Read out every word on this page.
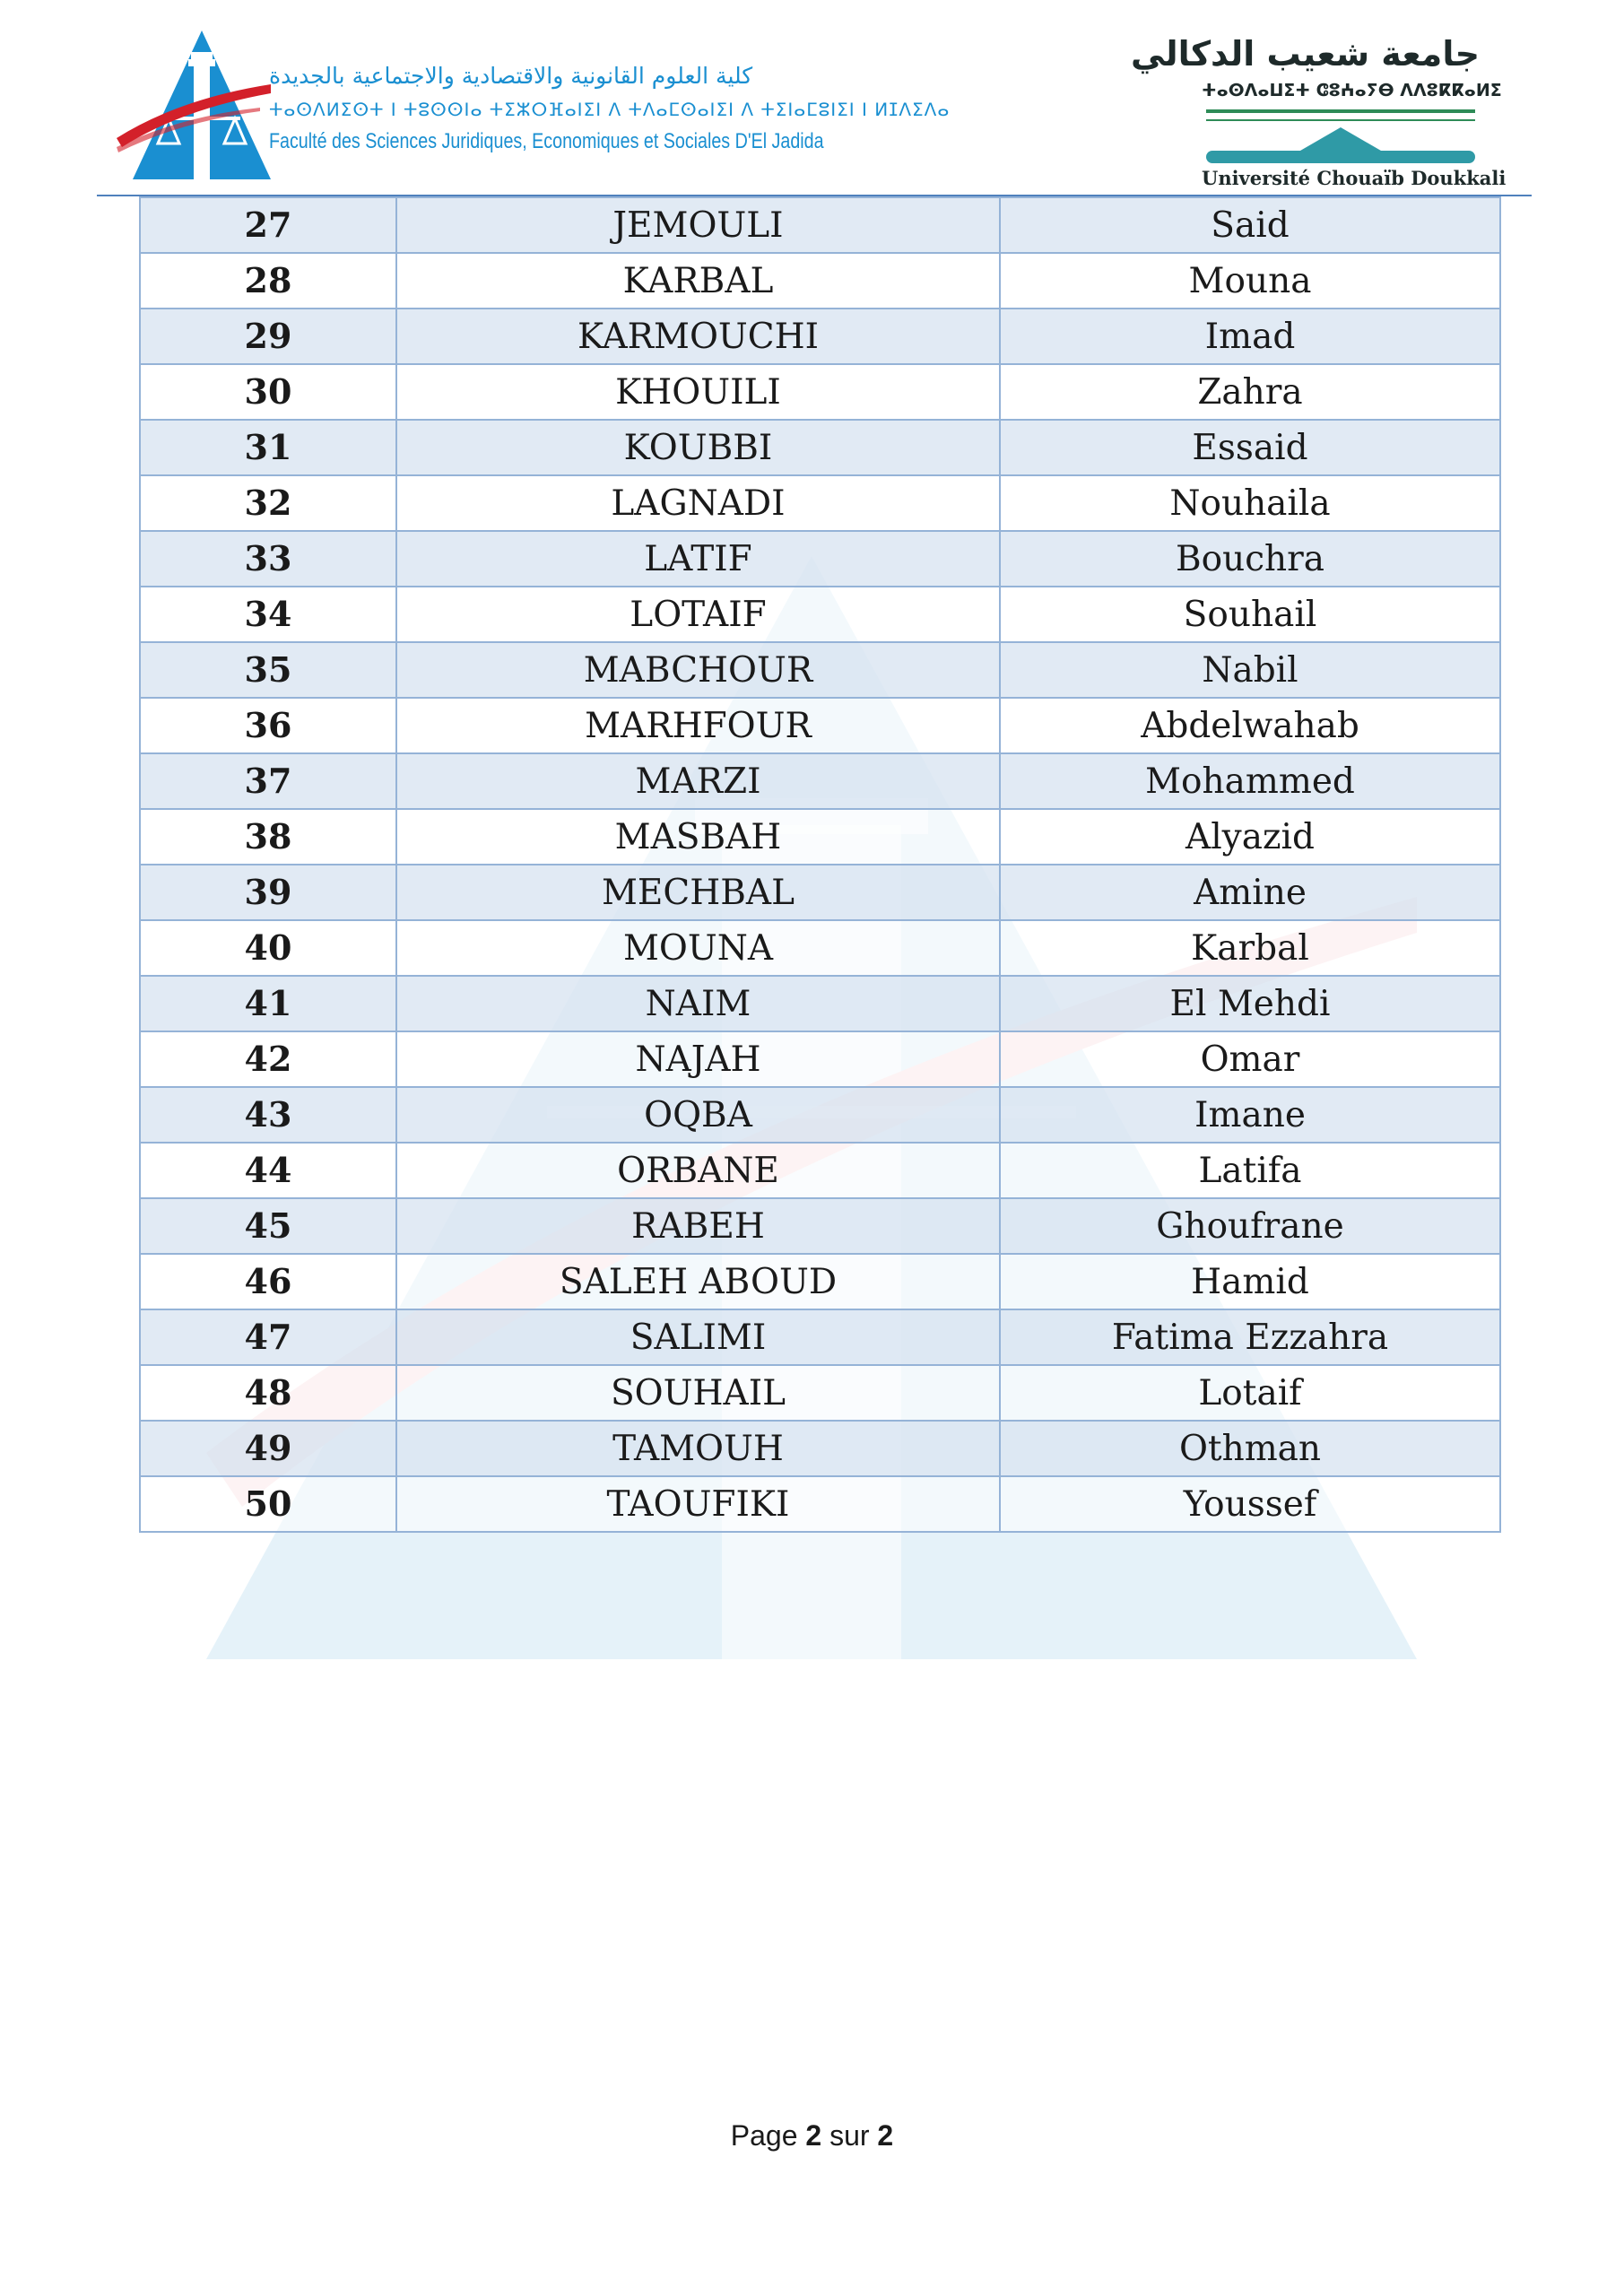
كلية العلوم القانونية والاقتصادية والاجتماعية بالجديدة
ⵜⴰⵙⴷⵍⵉⵙⵜ ⵏ ⵜⵓⵙⵙⵏⴰ ⵜⵉⵣⵔⴼⴰⵏⵉⵏ ⴷ ⵜⴷⴰⵎⵙⴰⵏⵉⵏ ⴷ ⵜⵉⵏⴰⵎⵓⵏⵉⵏ ⵏ ⵍⵊⴷⵉⴷⴰ
Faculté des Sciences Juridiques, Economiques et Sociales D'El Jadida
جامعة شعيب الدكالي
ⵜⴰⵙⴷⴰⵡⵉⵜ ⵛⵓⵄⴰⵢⴱ ⴷⴷⵓⴽⴽⴰⵍⵉ
Université Chouaïb Doukkali
27	JEMOULI	Said
28	KARBAL	Mouna
29	KARMOUCHI	Imad
30	KHOUILI	Zahra
31	KOUBBI	Essaid
32	LAGNADI	Nouhaila
33	LATIF	Bouchra
34	LOTAIF	Souhail
35	MABCHOUR	Nabil
36	MARHFOUR	Abdelwahab
37	MARZI	Mohammed
38	MASBAH	Alyazid
39	MECHBAL	Amine
40	MOUNA	Karbal
41	NAIM	El Mehdi
42	NAJAH	Omar
43	OQBA	Imane
44	ORBANE	Latifa
45	RABEH	Ghoufrane
46	SALEH ABOUD	Hamid
47	SALIMI	Fatima Ezzahra
48	SOUHAIL	Lotaif
49	TAMOUH	Othman
50	TAOUFIKI	Youssef
Page 2 sur 2
